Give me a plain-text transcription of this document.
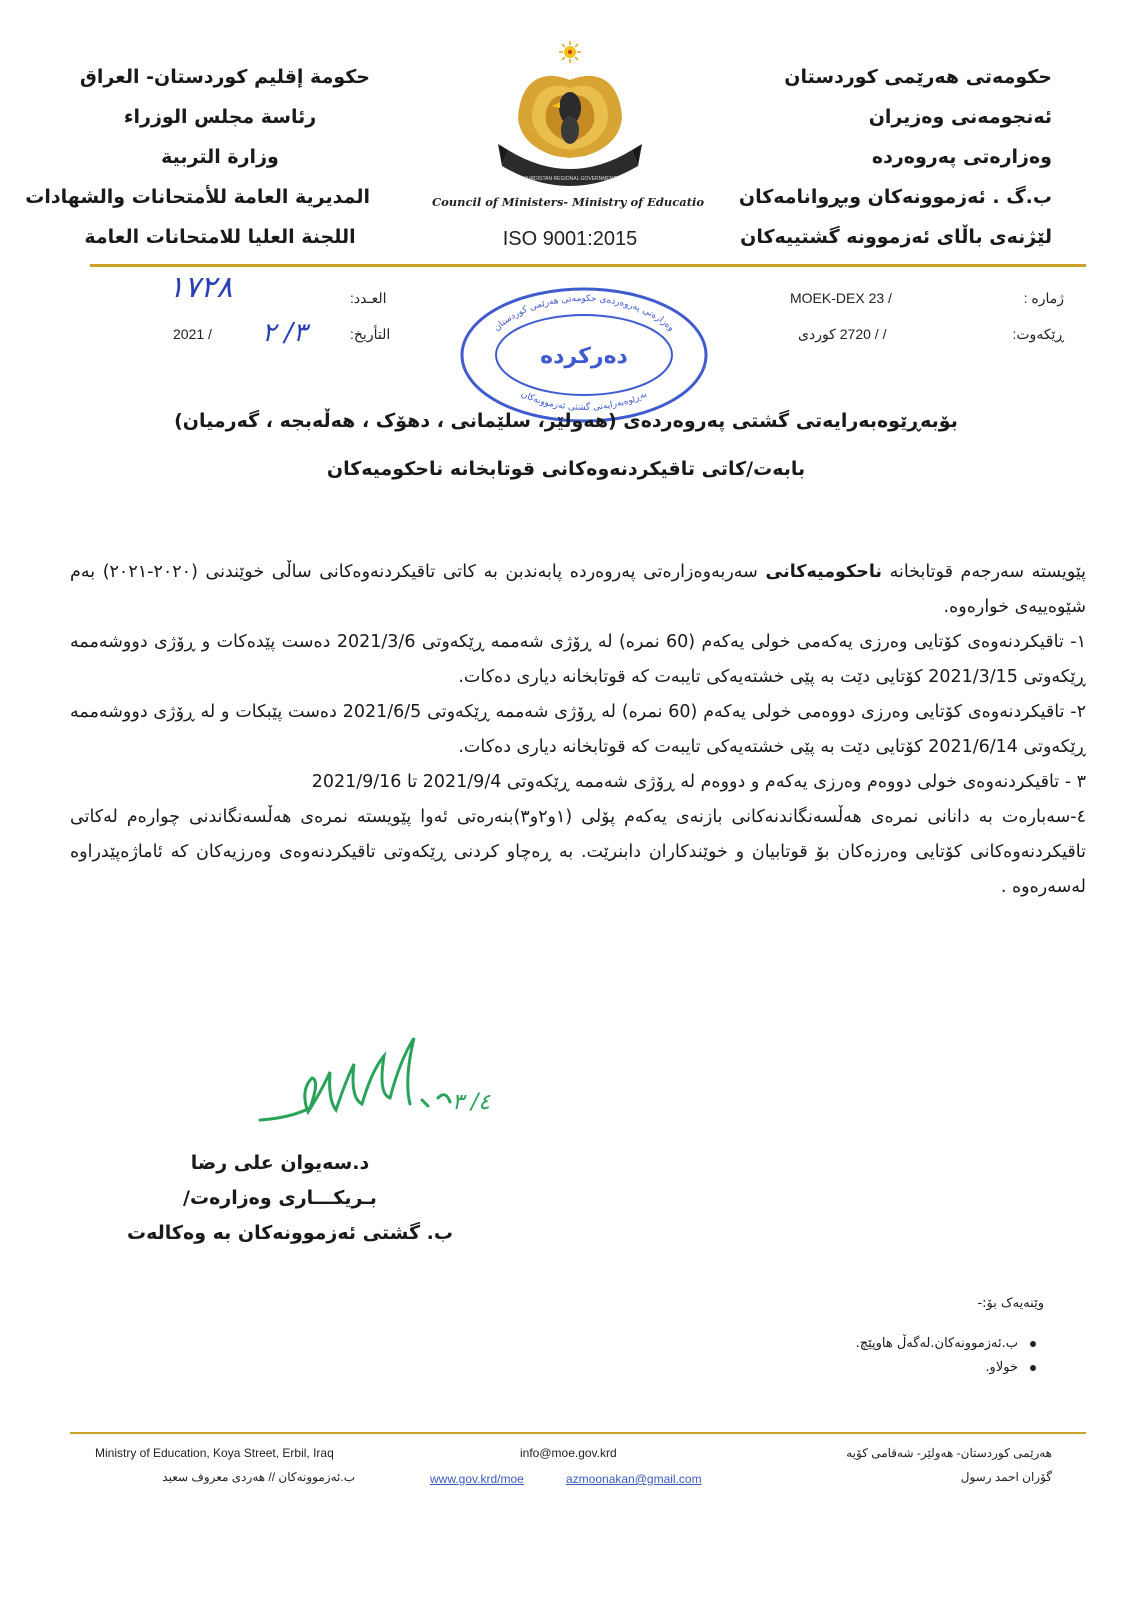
حکومەتی هەرێمی کوردستان
ئەنجومەنی وەزیران
وەزارەتی پەروەردە
ب.گ . ئەزموونەکان وبڕوانامەکان
لێژنەی باڵای ئەزموونە گشتییەکان
حكومة إقليم كوردستان- العراق
رئاسة مجلس الوزراء
وزارة التربية
المديرية العامة للأمتحانات والشهادات
اللجنة العليا للامتحانات العامة
KURDISTAN REGIONAL GOVERNMENT
Council of Ministers- Ministry of Educatio
ISO 9001:2015
ژمارە :
MOEK-DEX 23 /
ڕێکەوت:
/ / 2720 کوردی
العـدد:
التأريخ:
2021 /
١٧٢٨
٣/ ٢	وەزارەتی پەروەردەی حکومەتی هەرێمی کوردستان
بەڕێوەبەرایەتی گشتی ئەزموونەکان
دەرکردە
بۆبەڕێوەبەرایەتی گشتی پەروەردەی (هەولێر، سلێمانی ، دهۆک ، هەڵەبجە ، گەرمیان)
بابەت/کاتی تاقیکردنەوەکانی قوتابخانە ناحکومیەکان

پێویستە سەرجەم قوتابخانە ناحکومیەکانی سەربەوەزارەتی پەروەردە پابەندبن بە کاتی تاقیکردنەوەکانی ساڵی خوێندنی (٢٠٢٠-٢٠٢١) بەم شێوەییەی خوارەوە.

١- تاقیکردنەوەی کۆتایی وەرزی یەکەمی خولی یەکەم (60 نمرە) لە ڕۆژی شەممە ڕێکەوتی 2021/3/6 دەست پێدەکات و ڕۆژی دووشەممە ڕێکەوتی 2021/3/15 کۆتایی دێت بە پێی خشتەیەکی تایبەت کە قوتابخانە دیاری دەکات.

٢- تاقیکردنەوەی کۆتایی وەرزی دووەمی خولی یەکەم (60 نمرە) لە ڕۆژی شەممە ڕێکەوتی 2021/6/5 دەست پێبکات و لە ڕۆژی دووشەممە ڕێکەوتی 2021/6/14 کۆتایی دێت بە پێی خشتەیەکی تایبەت کە قوتابخانە دیاری دەکات.

٣ - تاقیکردنەوەی خولی دووەم وەرزی یەکەم و دووەم لە ڕۆژی شەممە ڕێکەوتی 2021/9/4 تا 2021/9/16

٤-سەبارەت بە دانانی نمرەی هەڵسەنگاندنەکانی بازنەی یەکەم پۆلی (١و٢و٣)بنەرەتی ئەوا پێویستە نمرەی هەڵسەنگاندنی چوارەم لەکاتی تاقیکردنەوەکانی کۆتایی وەرزەکان بۆ قوتابیان و خوێندکاران دابنرێت. بە ڕەچاو کردنی ڕێکەوتی تاقیکردنەوەی وەرزیەکان کە ئاماژەپێدراوە لەسەرەوە .

٤/ ٣
د.سەیوان علی رضا
بـریکـــاری وەزارەت/
ب. گشتی ئەزموونەکان بە وەکالەت
وێنەیەک بۆ:-
ب.ئەزموونەکان.لەگەڵ هاوپێچ.
خولاو.
Ministry of Education, Koya Street, Erbil, Iraq
ب.ئەزموونەکان // هەردی معروف سعید
info@moe.gov.krd
www.gov.krd/moe	azmoonakan@gmail.com
هەرێمی کوردستان- هەولێر- شەقامی کۆیە
گۆران احمد رسول
